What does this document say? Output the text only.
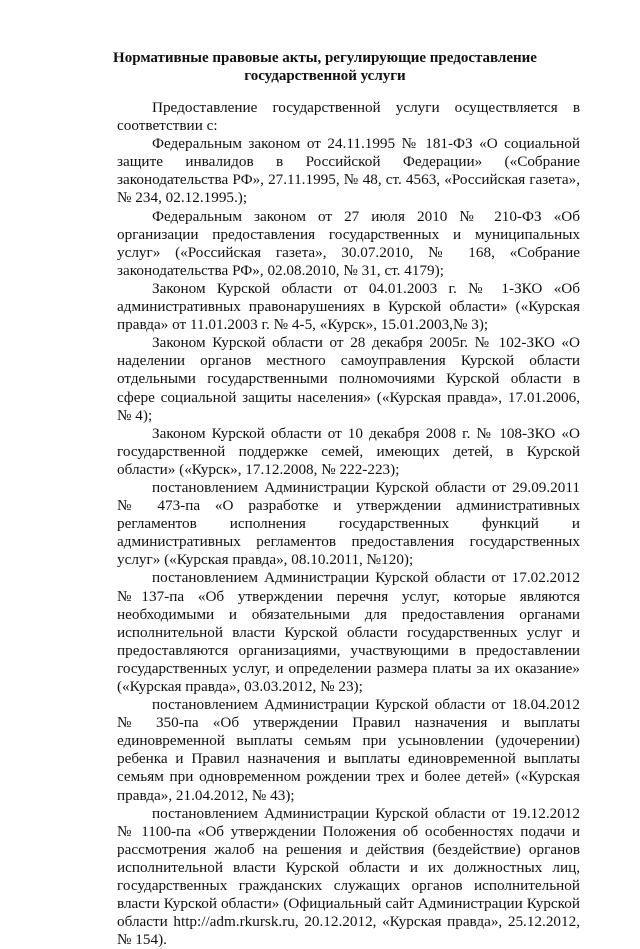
Нормативные правовые акты, регулирующие предоставление
государственной услуги

Предоставление государственной услуги осуществляется в соответствии с:

Федеральным законом от 24.11.1995 № 181-ФЗ «О социальной защите инвалидов в Российской Федерации» («Собрание законодательства РФ», 27.11.1995, № 48, ст. 4563, «Российская газета», № 234, 02.12.1995.);

Федеральным законом от 27 июля 2010 № 210-ФЗ «Об организации предоставления государственных и муниципальных услуг» («Российская газета», 30.07.2010, № 168, «Собрание законодательства РФ», 02.08.2010, № 31, ст. 4179);

Законом Курской области от 04.01.2003 г. № 1-ЗКО «Об административных правонарушениях в Курской области» («Курская правда» от 11.01.2003 г. № 4-5, «Курск», 15.01.2003,№ 3);

Законом Курской области от 28 декабря 2005г. № 102-ЗКО «О наделении органов местного самоуправления Курской области отдельными государственными полномочиями Курской области в сфере социальной защиты населения» («Курская правда», 17.01.2006, № 4);

Законом Курской области от 10 декабря 2008 г. № 108-ЗКО «О государственной поддержке семей, имеющих детей, в Курской области» («Курск», 17.12.2008, № 222-223);

постановлением Администрации Курской области от 29.09.2011 № 473-па «О разработке и утверждении административных регламентов исполнения государственных функций и административных регламентов предоставления государственных услуг» («Курская правда», 08.10.2011, №120);

постановлением Администрации Курской области от 17.02.2012 №137-па «Об утверждении перечня услуг, которые являются необходимыми и обязательными для предоставления органами исполнительной власти Курской области государственных услуг и предоставляются организациями, участвующими в предоставлении государственных услуг, и определении размера платы за их оказание» («Курская правда», 03.03.2012, № 23);

постановлением Администрации Курской области от 18.04.2012 № 350-па «Об утверждении Правил назначения и выплаты единовременной выплаты семьям при усыновлении (удочерении) ребенка и Правил назначения и выплаты единовременной выплаты семьям при одновременном рождении трех и более детей» («Курская правда», 21.04.2012, № 43);

постановлением Администрации Курской области от 19.12.2012 № 1100-па «Об утверждении Положения об особенностях подачи и рассмотрения жалоб на решения и действия (бездействие) органов исполнительной власти Курской области и их должностных лиц, государственных гражданских служащих органов исполнительной власти Курской области» (Официальный сайт Администрации Курской области http://adm.rkursk.ru, 20.12.2012, «Курская правда», 25.12.2012, № 154).
